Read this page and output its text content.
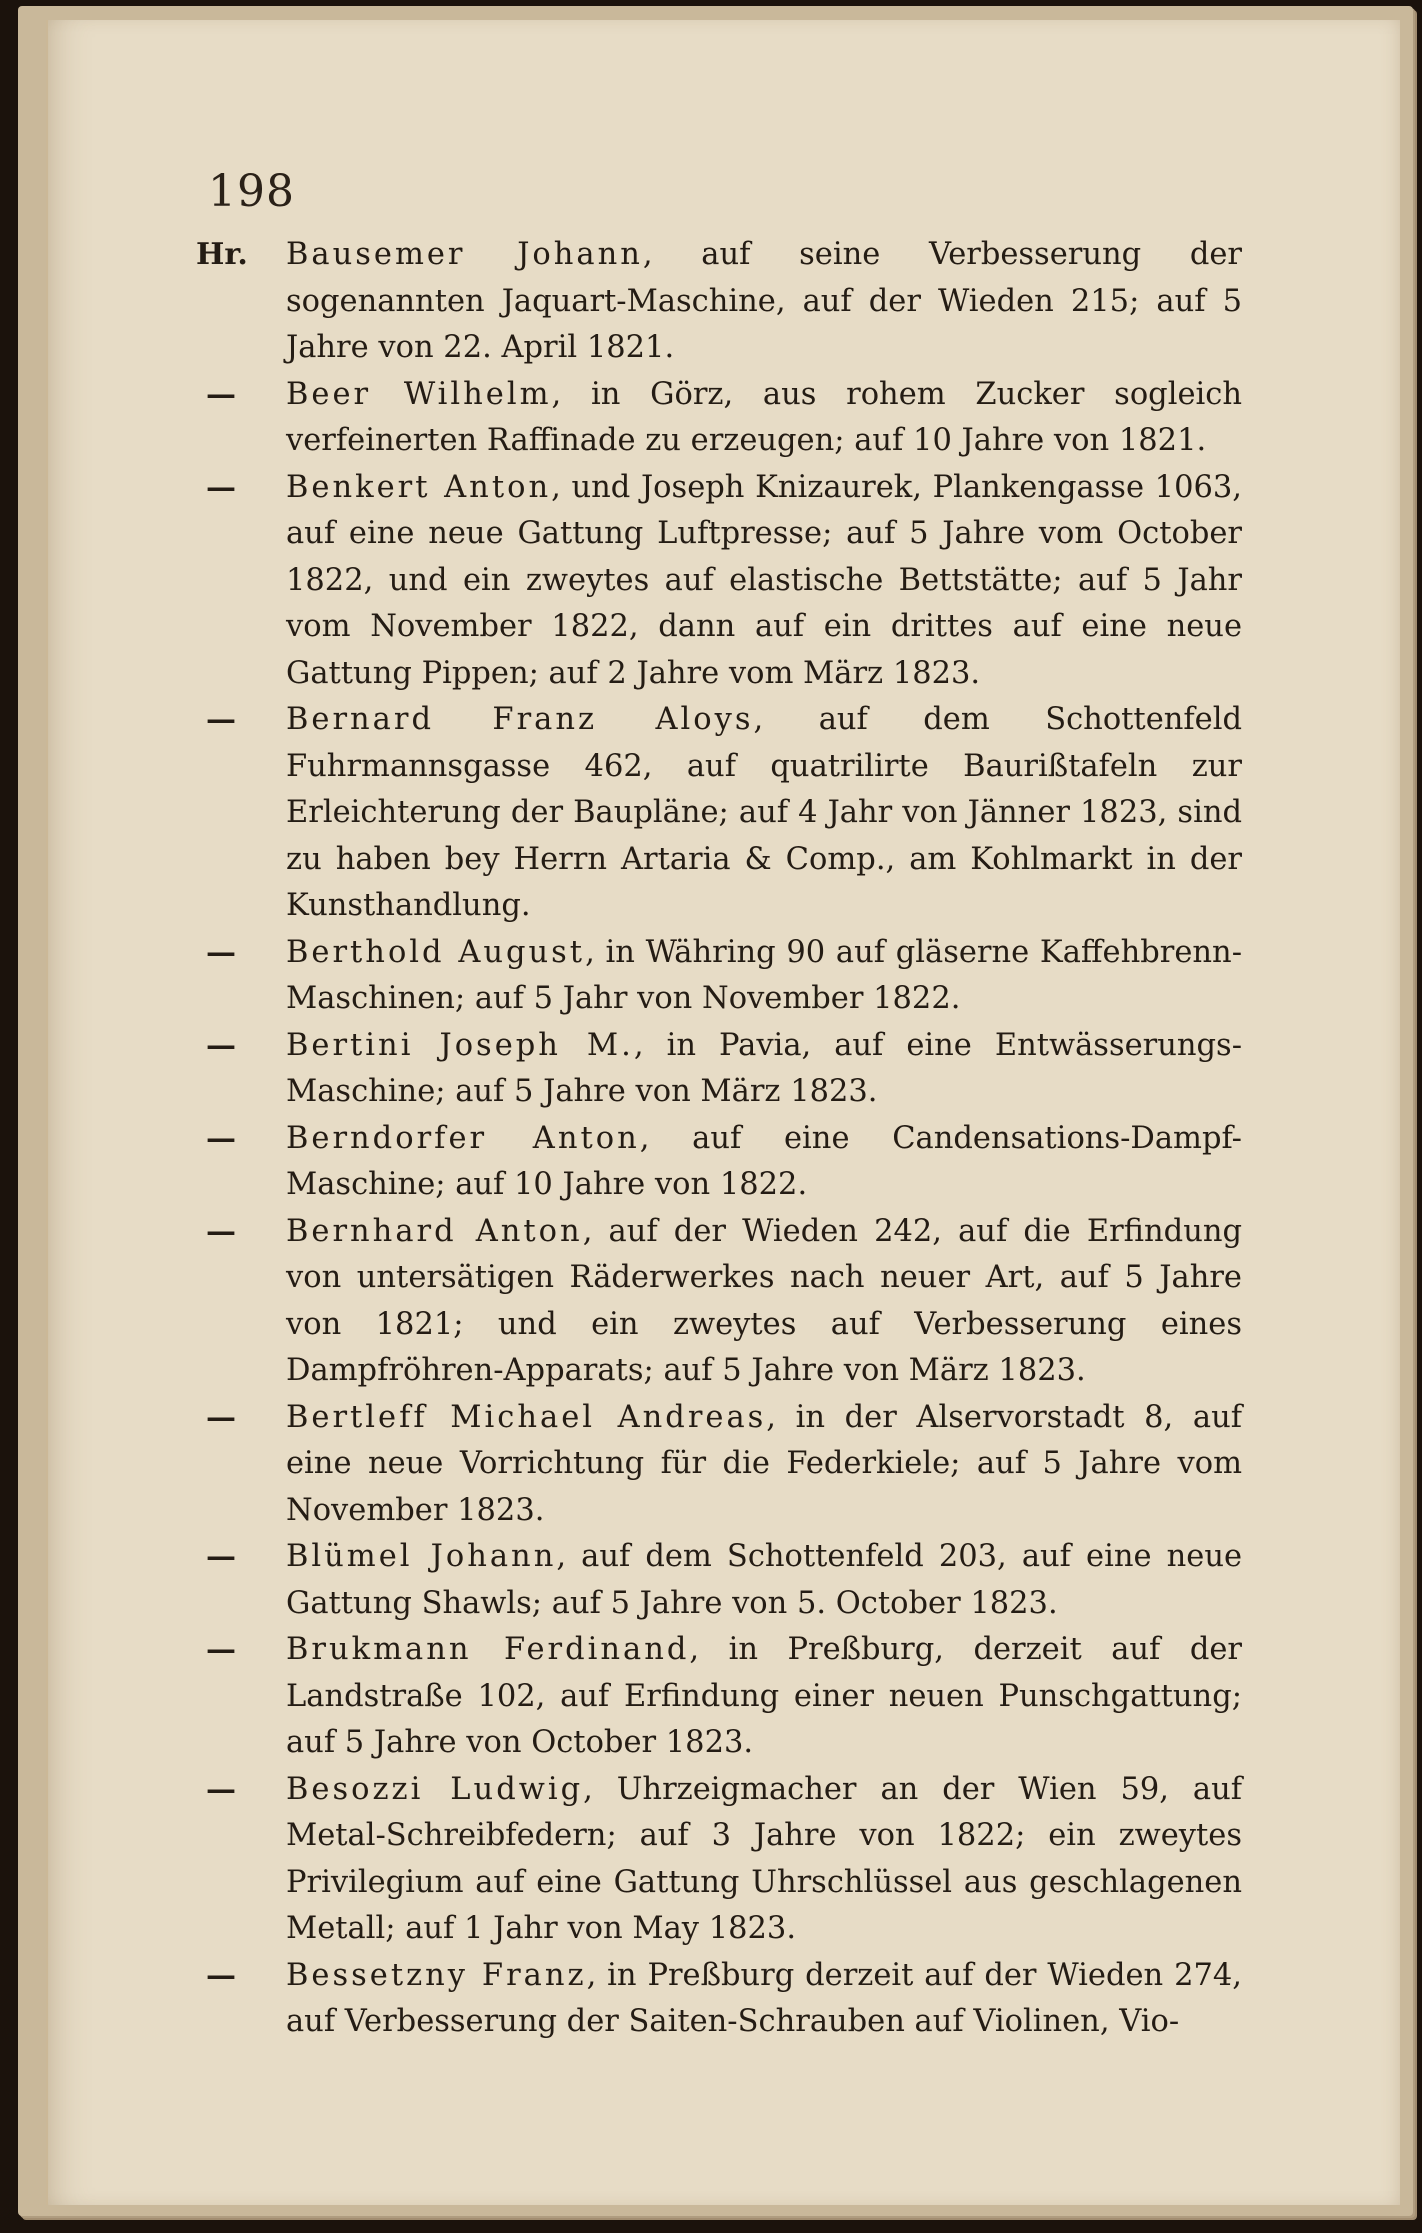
198
Hr. Bausemer Johann, auf seine Verbesserung der sogenannten Jaquart-Maschine, auf der Wieden 215; auf 5 Jahre von 22. April 1821.
— Beer Wilhelm, in Görz, aus rohem Zucker sogleich verfeinerten Raffinade zu erzeugen; auf 10 Jahre von 1821.
— Benkert Anton, und Joseph Knizaurek, Plankengasse 1063, auf eine neue Gattung Luftpresse; auf 5 Jahre vom October 1822, und ein zweytes auf elastische Bettstätte; auf 5 Jahr vom November 1822, dann auf ein drittes auf eine neue Gattung Pippen; auf 2 Jahre vom März 1823.
— Bernard Franz Aloys, auf dem Schottenfeld Fuhrmannsgasse 462, auf quatrilirte Baurißtafeln zur Erleichterung der Baupläne; auf 4 Jahr von Jänner 1823, sind zu haben bey Herrn Artaria & Comp., am Kohlmarkt in der Kunsthandlung.
— Berthold August, in Währing 90 auf gläserne Kaffehbrenn-Maschinen; auf 5 Jahr von November 1822.
— Bertini Joseph M., in Pavia, auf eine Entwässerungs-Maschine; auf 5 Jahre von März 1823.
— Berndorfer Anton, auf eine Candensations-Dampf-Maschine; auf 10 Jahre von 1822.
— Bernhard Anton, auf der Wieden 242, auf die Erfindung von untersätigen Räderwerkes nach neuer Art, auf 5 Jahre von 1821; und ein zweytes auf Verbesserung eines Dampfröhren-Apparats; auf 5 Jahre von März 1823.
— Bertleff Michael Andreas, in der Alservorstadt 8, auf eine neue Vorrichtung für die Federkiele; auf 5 Jahre vom November 1823.
— Blümel Johann, auf dem Schottenfeld 203, auf eine neue Gattung Shawls; auf 5 Jahre von 5. October 1823.
— Brukmann Ferdinand, in Preßburg, derzeit auf der Landstraße 102, auf Erfindung einer neuen Punschgattung; auf 5 Jahre von October 1823.
— Besozzi Ludwig, Uhrzeigmacher an der Wien 59, auf Metal-Schreibfedern; auf 3 Jahre von 1822; ein zweytes Privilegium auf eine Gattung Uhrschlüssel aus geschlagenen Metall; auf 1 Jahr von May 1823.
— Bessetzny Franz, in Preßburg derzeit auf der Wieden 274, auf Verbesserung der Saiten-Schrauben auf Violinen, Vio-
